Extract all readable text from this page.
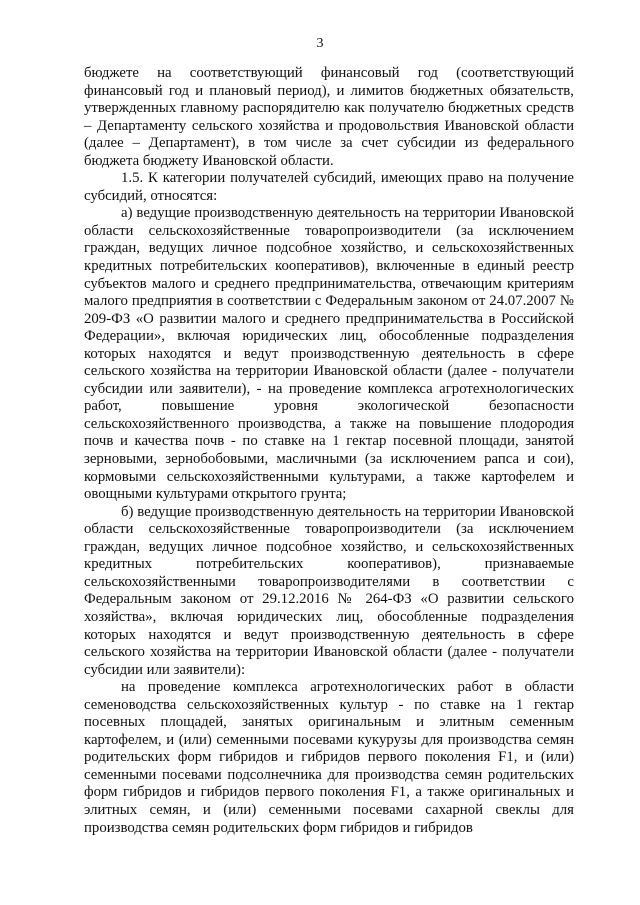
3

бюджете на соответствующий финансовый год (соответствующий финансовый год и плановый период), и лимитов бюджетных обязательств, утвержденных главному распорядителю как получателю бюджетных средств – Департаменту сельского хозяйства и продовольствия Ивановской области (далее – Департамент), в том числе за счет субсидии из федерального бюджета бюджету Ивановской области.

1.5. К категории получателей субсидий, имеющих право на получение субсидий, относятся:

а) ведущие производственную деятельность на территории Ивановской области сельскохозяйственные товаропроизводители (за исключением граждан, ведущих личное подсобное хозяйство, и сельскохозяйственных кредитных потребительских кооперативов), включенные в единый реестр субъектов малого и среднего предпринимательства, отвечающим критериям малого предприятия в соответствии с Федеральным законом от 24.07.2007 № 209-ФЗ «О развитии малого и среднего предпринимательства в Российской Федерации», включая юридических лиц, обособленные подразделения которых находятся и ведут производственную деятельность в сфере сельского хозяйства на территории Ивановской области (далее - получатели субсидии или заявители), - на проведение комплекса агротехнологических работ, повышение уровня экологической безопасности сельскохозяйственного производства, а также на повышение плодородия почв и качества почв - по ставке на 1 гектар посевной площади, занятой зерновыми, зернобобовыми, масличными (за исключением рапса и сои), кормовыми сельскохозяйственными культурами, а также картофелем и овощными культурами открытого грунта;

б) ведущие производственную деятельность на территории Ивановской области сельскохозяйственные товаропроизводители (за исключением граждан, ведущих личное подсобное хозяйство, и сельскохозяйственных кредитных потребительских кооперативов), признаваемые сельскохозяйственными товаропроизводителями в соответствии с Федеральным законом от 29.12.2016 № 264-ФЗ «О развитии сельского хозяйства», включая юридических лиц, обособленные подразделения которых находятся и ведут производственную деятельность в сфере сельского хозяйства на территории Ивановской области (далее - получатели субсидии или заявители):

на проведение комплекса агротехнологических работ в области семеноводства сельскохозяйственных культур - по ставке на 1 гектар посевных площадей, занятых оригинальным и элитным семенным картофелем, и (или) семенными посевами кукурузы для производства семян родительских форм гибридов и гибридов первого поколения F1, и (или) семенными посевами подсолнечника для производства семян родительских форм гибридов и гибридов первого поколения F1, а также оригинальных и элитных семян, и (или) семенными посевами сахарной свеклы для производства семян родительских форм гибридов и гибридов
